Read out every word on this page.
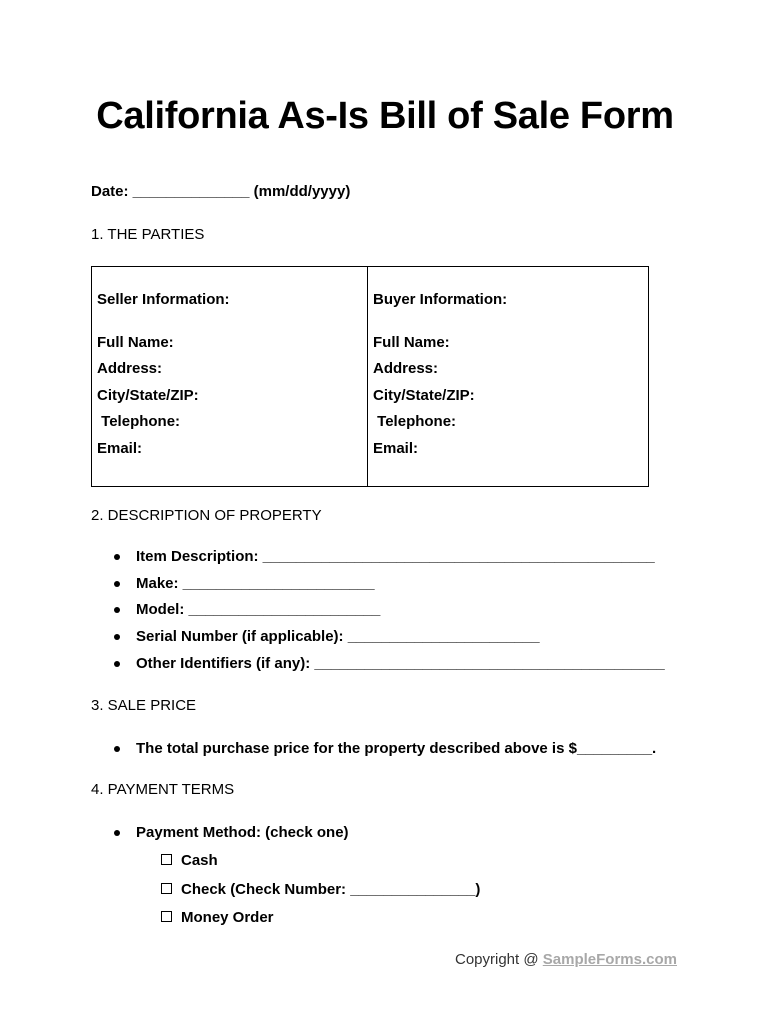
California As-Is Bill of Sale Form
Date: ______________ (mm/dd/yyyy)
1. THE PARTIES
Seller Information:
Full Name:
Address:
City/State/ZIP:
Telephone:
Email:
Buyer Information:
Full Name:
Address:
City/State/ZIP:
Telephone:
Email:
2. DESCRIPTION OF PROPERTY
Item Description: _______________________________________________
Make: _______________________
Model: _______________________
Serial Number (if applicable): _______________________
Other Identifiers (if any): __________________________________________
3. SALE PRICE
The total purchase price for the property described above is $_________.
4. PAYMENT TERMS
Payment Method: (check one)
Cash
Check (Check Number: _______________)
Money Order
Copyright @ SampleForms.com
